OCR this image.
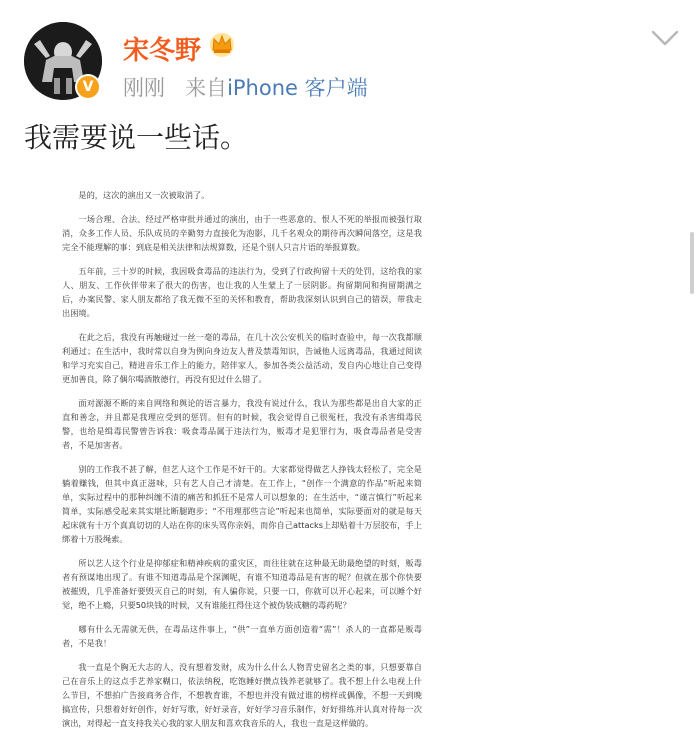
V
宋冬野
刚刚 来自iPhone 客户端
我需要说一些话。

是的，这次的演出又一次被取消了。

一场合理、合法、经过严格审批并通过的演出，由于一些恶意的、恨人不死的举报而被强行取消，众多工作人员、乐队成员的辛勤努力直接化为泡影，几千名观众的期待再次瞬间落空，这是我完全不能理解的事：到底是相关法律和法规算数，还是个别人只言片语的举报算数。

五年前，三十岁的时候，我因吸食毒品的违法行为，受到了行政拘留十天的处罚，这给我的家人、朋友、工作伙伴带来了很大的伤害，也让我的人生蒙上了一层阴影。拘留期间和拘留期满之后，办案民警、家人朋友都给了我无微不至的关怀和教育，帮助我深刻认识到自己的错误，带我走出困境。

在此之后，我没有再触碰过一丝一毫的毒品，在几十次公安机关的临时查验中，每一次我都顺利通过；在生活中，我时常以自身为例向身边友人普及禁毒知识，告诫他人远离毒品，我通过阅读和学习充实自己，精进音乐工作上的能力，陪伴家人，参加各类公益活动，发自内心地让自己变得更加善良，除了偶尔喝酒散德行，再没有犯过什么错了。

面对源源不断的来自网络和舆论的语言暴力，我没有说过什么，我认为那些都是出自大家的正直和善念，并且都是我理应受到的惩罚。但有的时候，我会觉得自己很冤枉，我没有杀害缉毒民警，也给是缉毒民警曾告诉我：吸食毒品属于违法行为，贩毒才是犯罪行为，吸食毒品者是受害者，不是加害者。

别的工作我不甚了解，但艺人这个工作是不好干的。大家都觉得做艺人挣钱太轻松了，完全是躺着赚钱，但其中真正滋味，只有艺人自己才清楚。在工作上，“创作一个满意的作品”听起来简单，实际过程中的那种纠缠不清的痛苦和抓狂不是常人可以想象的；在生活中，“谨言慎行”听起来简单，实际感受起来其实堪比断腿跑步；“不用理那些言论”听起来也简单，实际要面对的就是每天起床就有十万个真真切切的人站在你的床头骂你亲妈，而你自己attacks上却贴着十万层胶布，手上绑着十万股绳索。

所以艺人这个行业是抑郁症和精神疾病的重灾区，而往往就在这种最无助最绝望的时刻，贩毒者有预谋地出现了。有谁不知道毒品是个深渊呢，有谁不知道毒品是有害的呢？但就在那个你快要被摧毁，几乎准备好要毁灭自己的时刻，有人骗你说，只要一口，你就可以开心起来，可以睡个好觉，绝不上瘾，只要50块钱的时候，又有谁能扛得住这个被伪装成糖的毒药呢？

哪有什么无需就无供，在毒品这件事上，“供”一直单方面创造着“需”！杀人的一直都是贩毒者，不是我！

我一直是个胸无大志的人，没有想着发财，成为什么什么人物青史留名之类的事，只想要靠自己在音乐上的这点手艺养家糊口，依法纳税，吃饱睡好攒点钱养老就够了。我不想上什么电视上什么节目，不想拍广告接商务合作，不想教育谁，不想也并没有做过谁的榜样或偶像，不想一天到晚搞宣传，只想着好好创作，好好写歌，好好录音，好好学习音乐制作，好好排练并认真对待每一次演出，对得起一直支持我关心我的家人朋友和喜欢我音乐的人，我也一直是这样做的。
